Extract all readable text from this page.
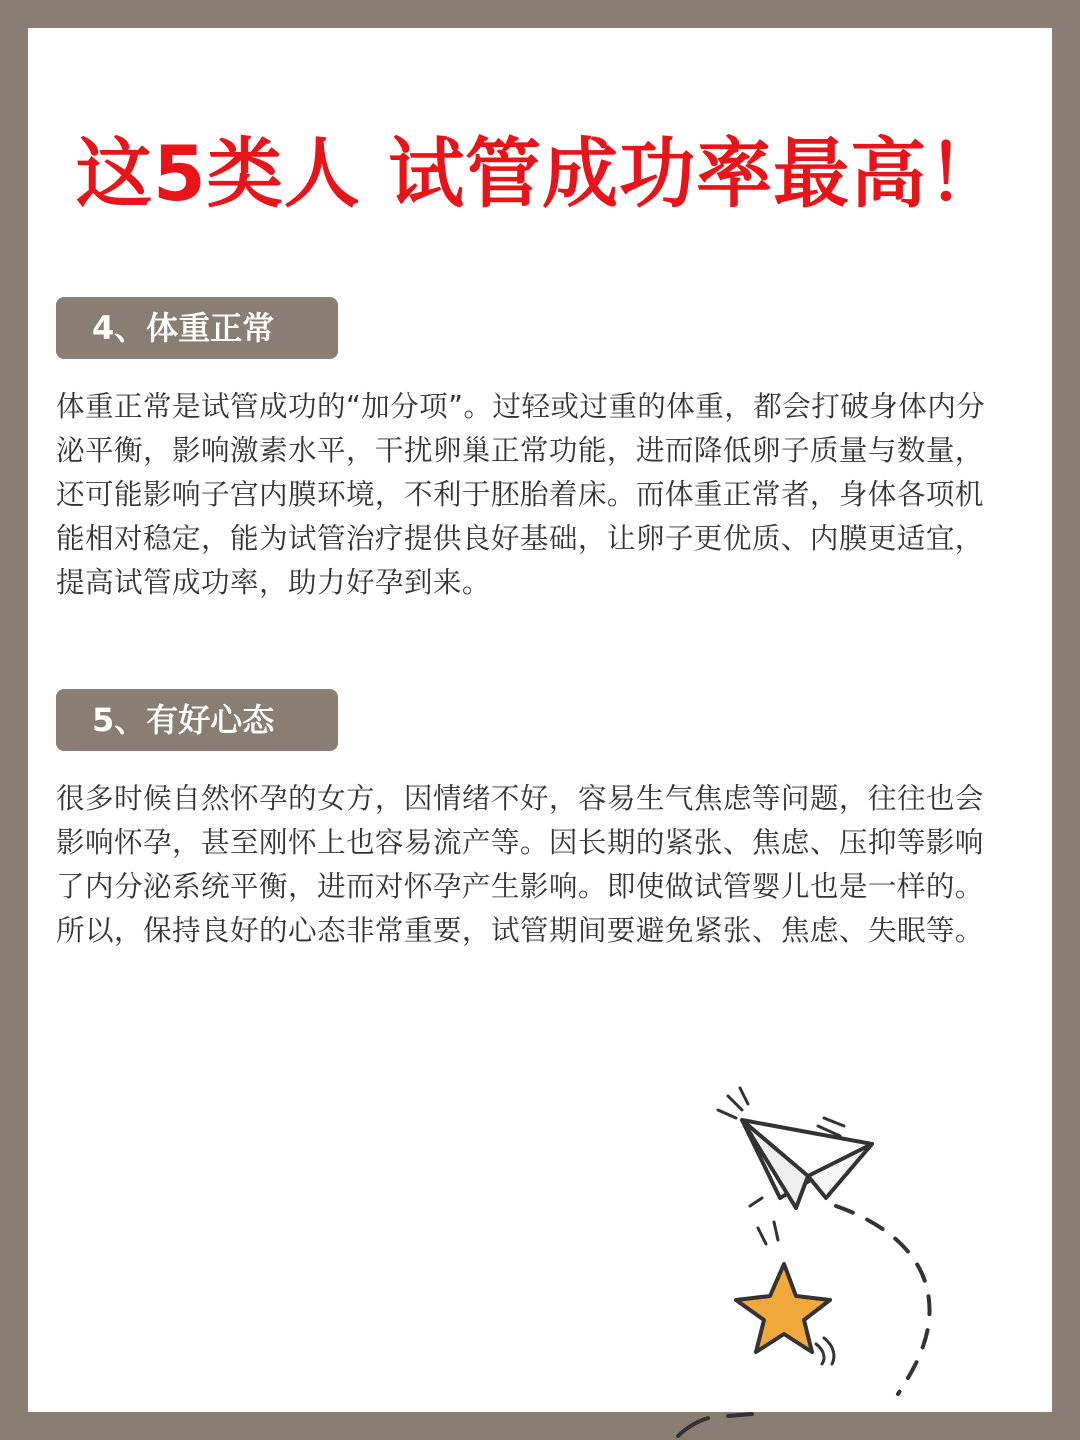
这5类人 试管成功率最高！
4、体重正常

体重正常是试管成功的“加分项”。过轻或过重的体重，都会打破身体内分泌平衡，影响激素水平，干扰卵巢正常功能，进而降低卵子质量与数量，还可能影响子宫内膜环境，不利于胚胎着床。而体重正常者，身体各项机能相对稳定，能为试管治疗提供良好基础，让卵子更优质、内膜更适宜，提高试管成功率，助力好孕到来。

5、有好心态

很多时候自然怀孕的女方，因情绪不好，容易生气焦虑等问题，往往也会影响怀孕，甚至刚怀上也容易流产等。因长期的紧张、焦虑、压抑等影响了内分泌系统平衡，进而对怀孕产生影响。即使做试管婴儿也是一样的。所以，保持良好的心态非常重要，试管期间要避免紧张、焦虑、失眠等。
